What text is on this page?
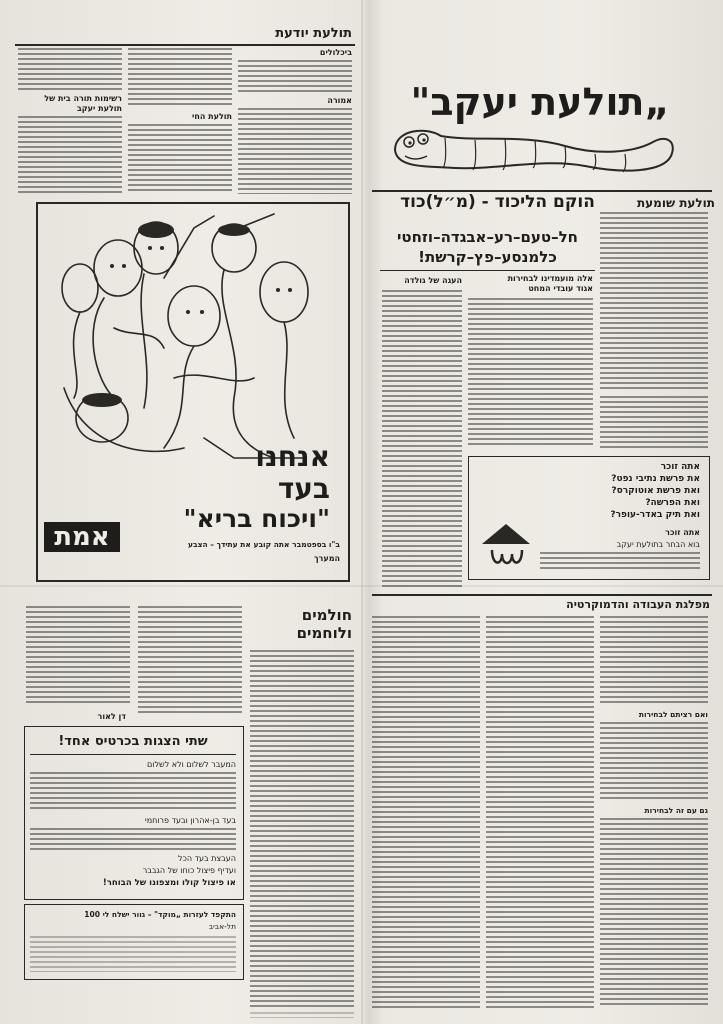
„תולעת יעקב"
תולעת שומעת
הוקם הליכוד - (מ״ל)כוד
חל–טעם–רע–אבגדה–וזחטי
כלמנסע–פץ–קרשת!
אלה מועמדינו לבחירות
אגוד עובדי המחט
העגה של גולדה
אתה זוכר
את פרשת נתיבי נפט?
ואת פרשת אוטוקרס?
ואת הפרשה?
ואת תיק באדר-עופר?
אתה זוכר
בוא הבחר בתולעת יעקב
תולעת יודעת
ביכלולים
אמורה
תולעת החי
רשימות תורה בית של
תולעת יעקב
אנחנו
בעד
"ויכוח בריא"
אמת	ב"ו בספטמבר אתה קובע את עתידך – הצבע
המערך
מפלגת העבודה והדמוקרטיה
ואם רציתם לבחירות
גם עם זה לבחירות
חולמים ולוחמים
דן לאור
שתי הצגות בכרטיס אחד!
המעבר לשלום ולא לשלום
בעד בן-אהרון ובעד פרוחמי
העבצת בעד הכל
ועדיף פיצול כוחו של הגבבר
או פיצול קולו ומצפונו של הבוחר!
התקפד לעזרות „מוקד" – גוור ישלח לי 100
תל-אביב
